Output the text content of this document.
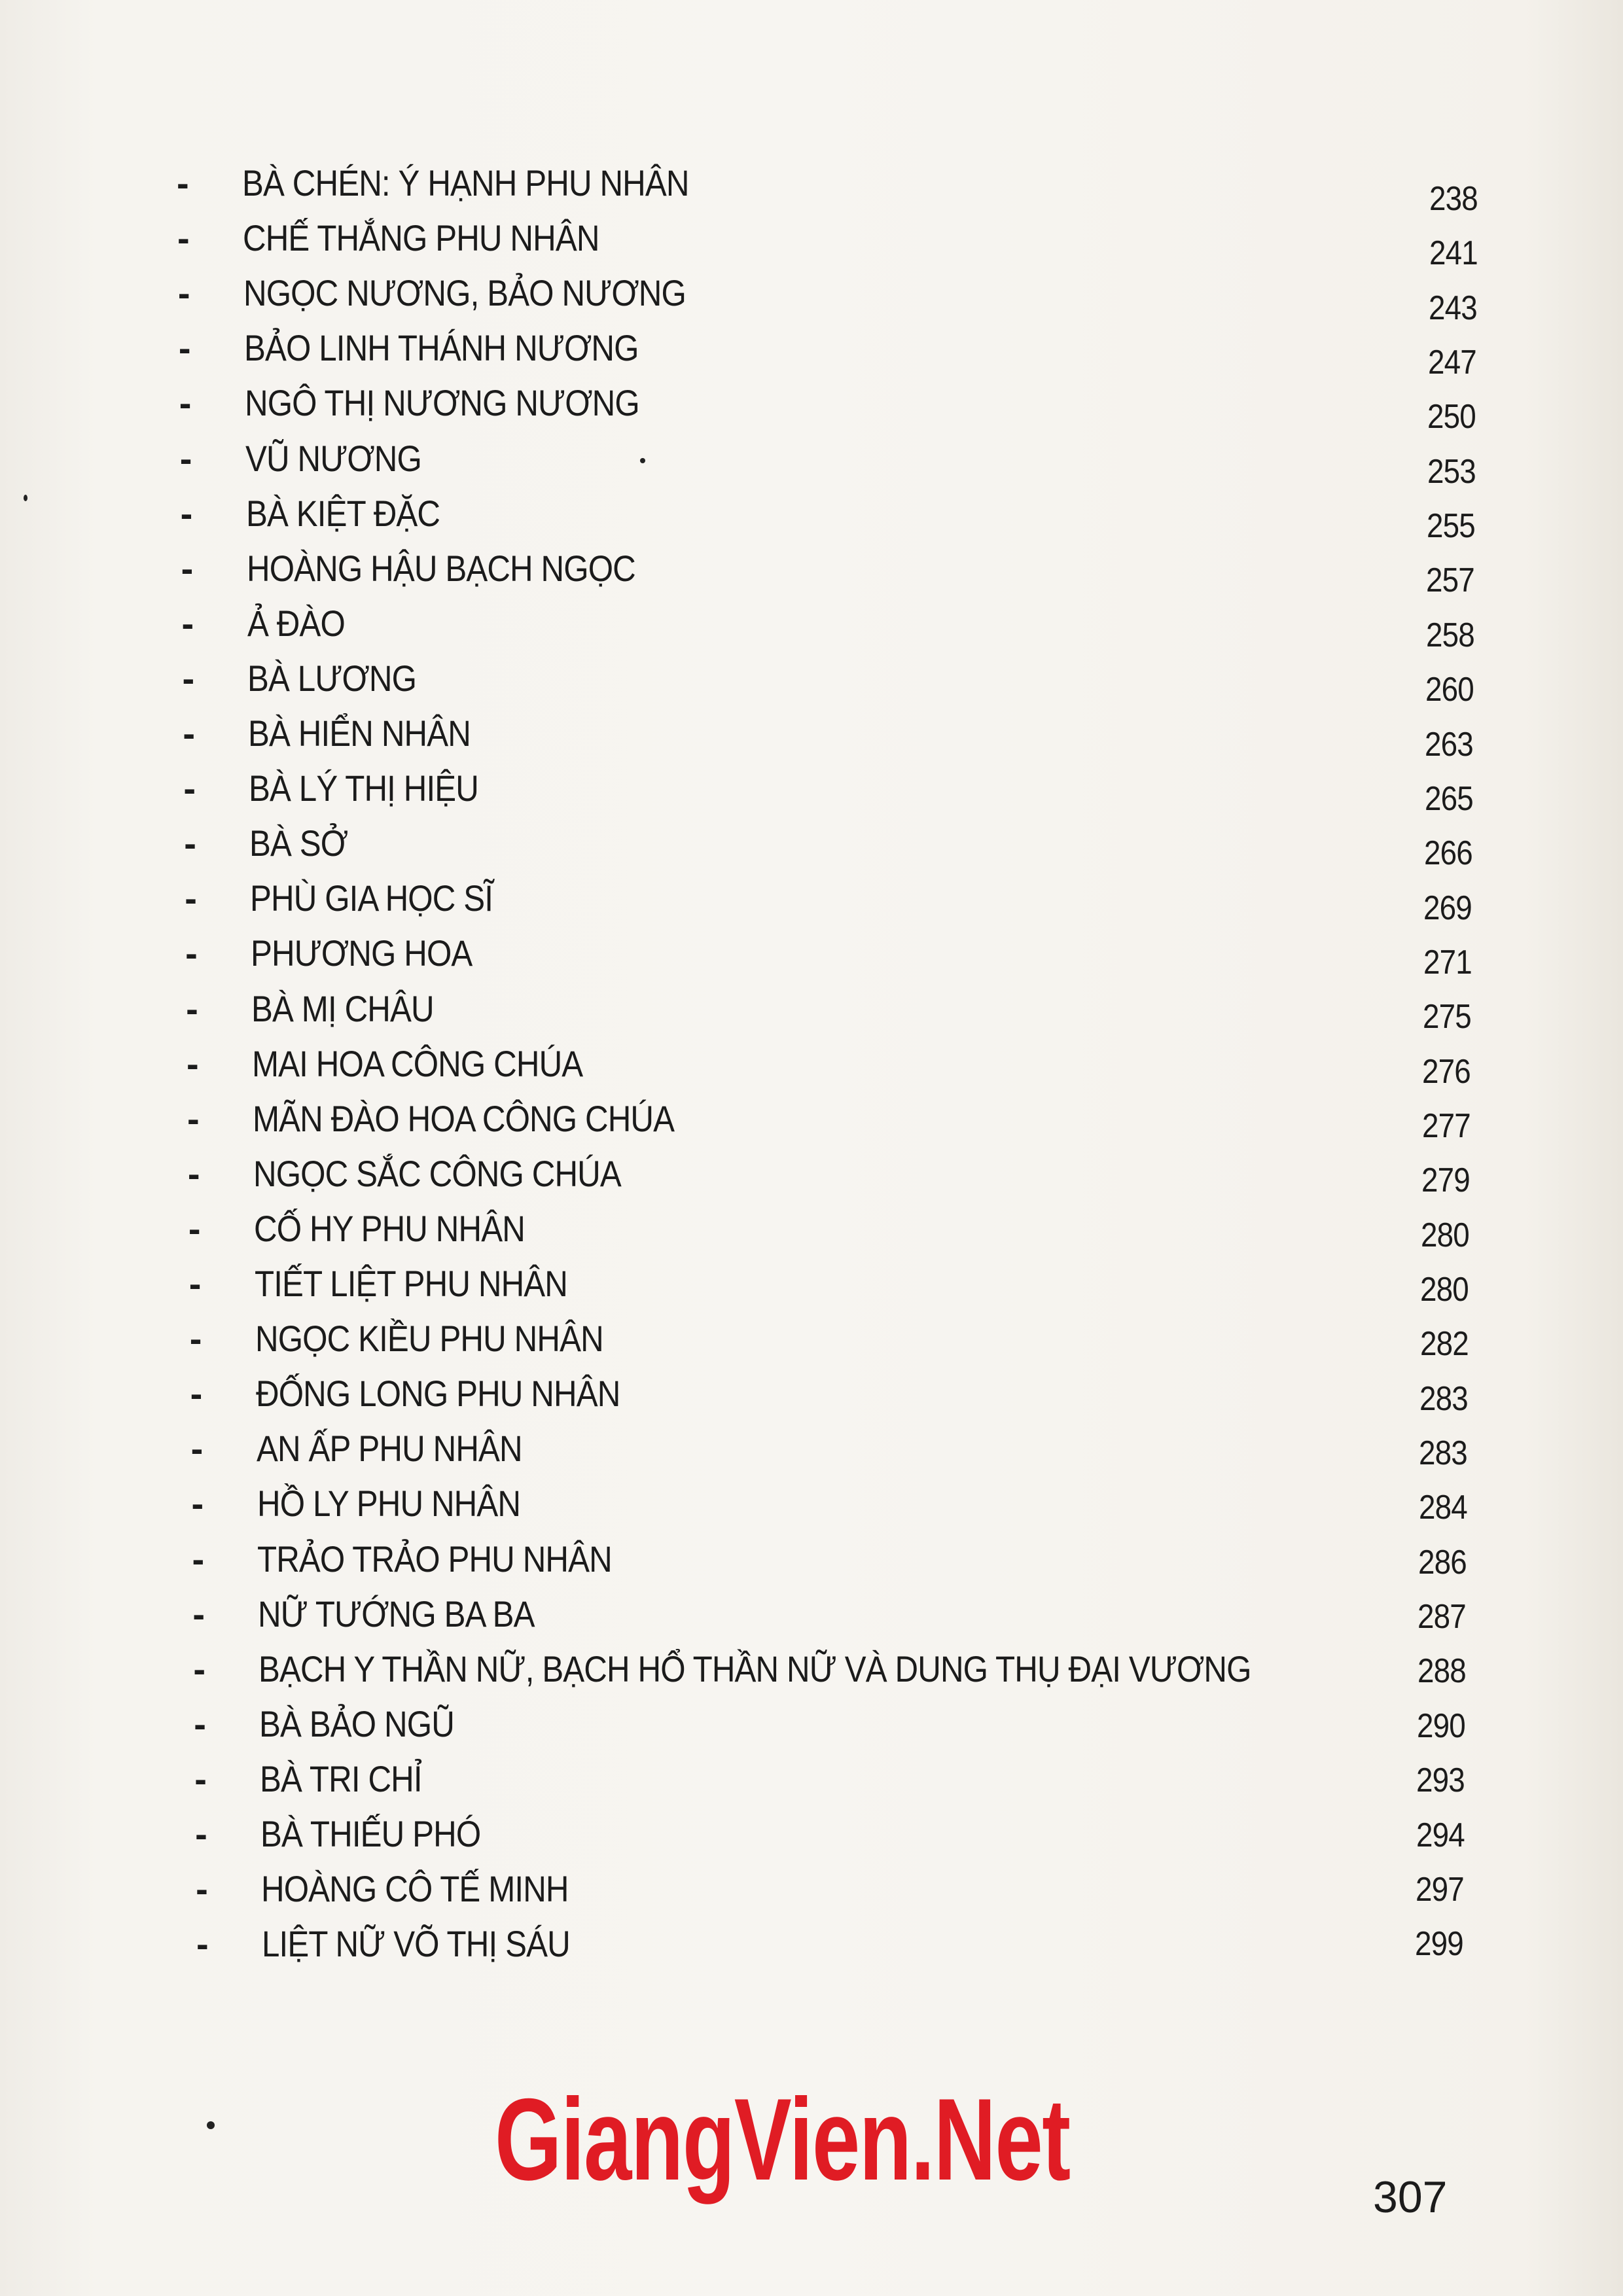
- BÀ CHÉN: Ý HẠNH PHU NHÂN	238
- CHẾ THẮNG PHU NHÂN	241
- NGỌC NƯƠNG, BẢO NƯƠNG	243
- BẢO LINH THÁNH NƯƠNG	247
- NGÔ THỊ NƯƠNG NƯƠNG	250
- VŨ NƯƠNG	253
- BÀ KIỆT ĐẶC	255
- HOÀNG HẬU BẠCH NGỌC	257
- Ả ĐÀO	258
- BÀ LƯƠNG	260
- BÀ HIỂN NHÂN	263
- BÀ LÝ THỊ HIỆU	265
- BÀ SỞ	266
- PHÙ GIA HỌC SĨ	269
- PHƯƠNG HOA	271
- BÀ MỊ CHÂU	275
- MAI HOA CÔNG CHÚA	276
- MÃN ĐÀO HOA CÔNG CHÚA	277
- NGỌC SẮC CÔNG CHÚA	279
- CỐ HY PHU NHÂN	280
- TIẾT LIỆT PHU NHÂN	280
- NGỌC KIỀU PHU NHÂN	282
- ĐỐNG LONG PHU NHÂN	283
- AN ẤP PHU NHÂN	283
- HỒ LY PHU NHÂN	284
- TRẢO TRẢO PHU NHÂN	286
- NỮ TƯỚNG BA BA	287
- BẠCH Y THẦN NỮ, BẠCH HỔ THẦN NỮ VÀ DUNG THỤ ĐẠI VƯƠNG	288
- BÀ BẢO NGŨ	290
- BÀ TRI CHỈ	293
- BÀ THIẾU PHÓ	294
- HOÀNG CÔ TẾ MINH	297
- LIỆT NỮ VÕ THỊ SÁU	299
GiangVien.Net	307
